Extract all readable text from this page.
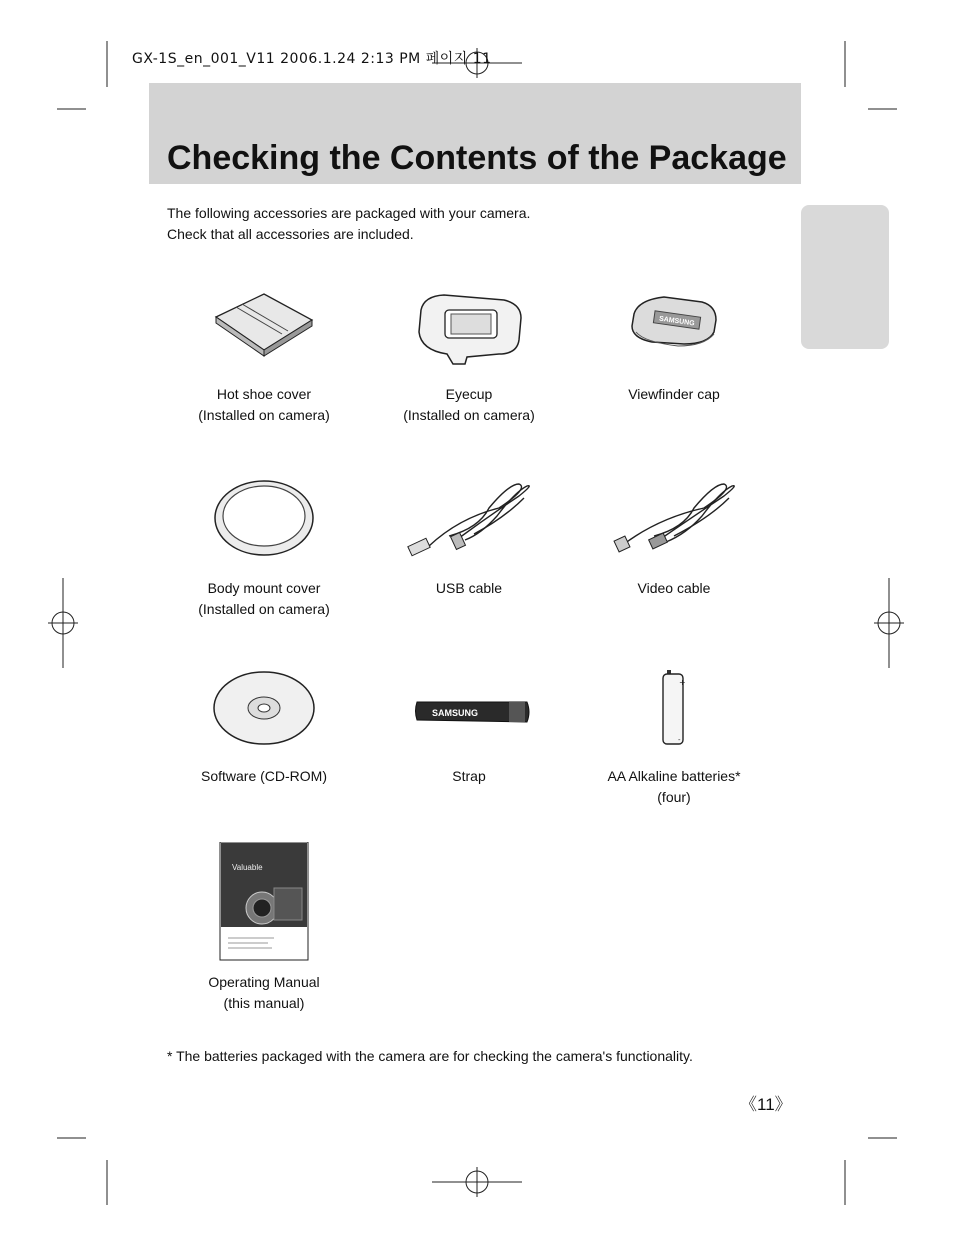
GX-1S_en_001_V11 2006.1.24 2:13 PM 페이지 11
Checking the Contents of the Package
The following accessories are packaged with your camera.
Check that all accessories are included.
Hot shoe cover
(Installed on camera)
Eyecup
(Installed on camera)
SAMSUNG
Viewfinder cap
Body mount cover
(Installed on camera)
USB cable	Video cable
Software (CD-ROM)
SAMSUNG
Strap
+
-
AA Alkaline batteries*
(four)
Valuable
Operating Manual
(this manual)
* The batteries packaged with the camera are for checking the camera's functionality.
《11》
